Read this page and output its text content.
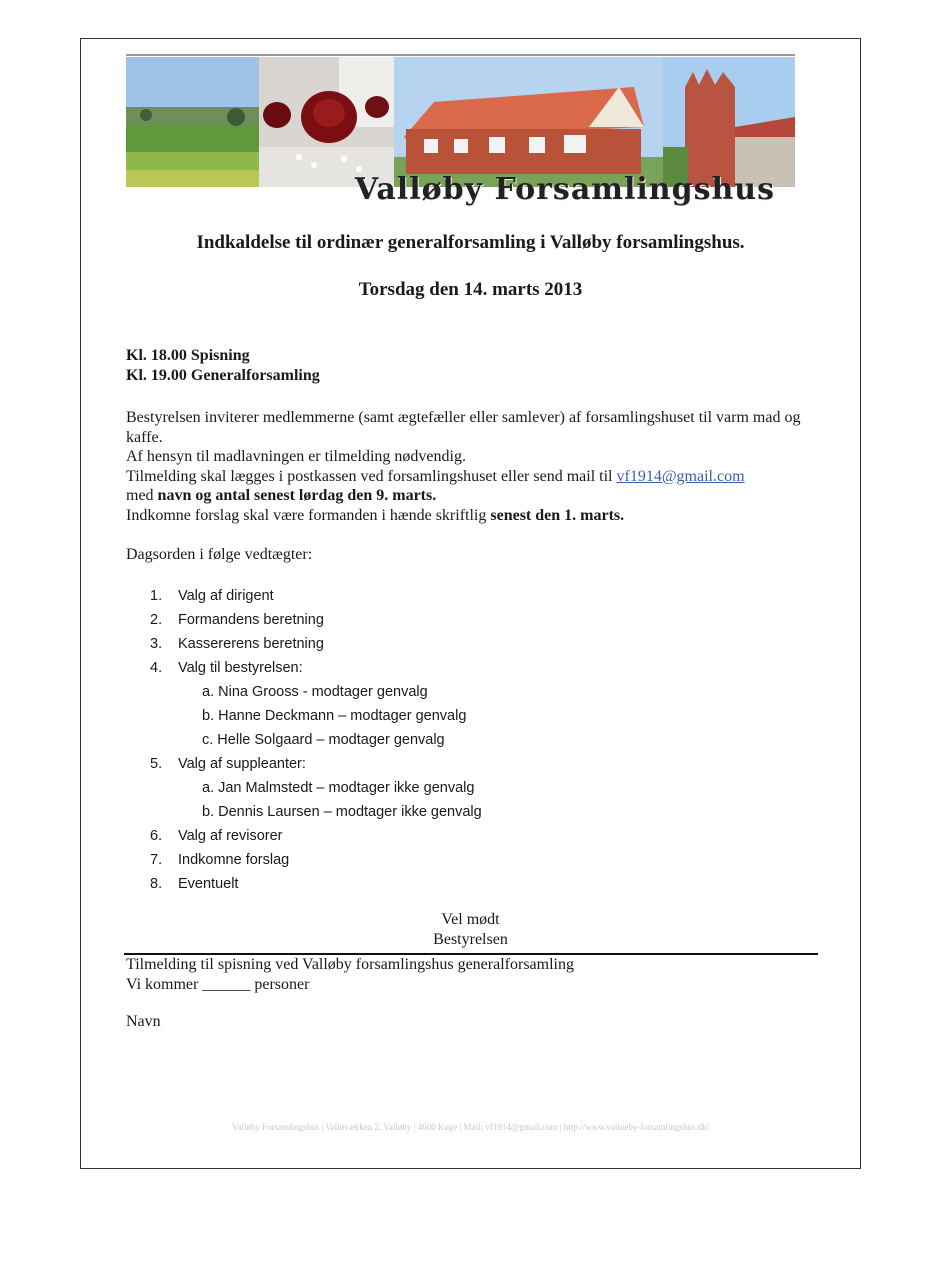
Valløby Forsamlingshus
Indkaldelse til ordinær generalforsamling i Valløby forsamlingshus.
Torsdag den 14. marts 2013
Kl. 18.00 Spisning
Kl. 19.00 Generalforsamling
Bestyrelsen inviterer medlemmerne (samt ægtefæller eller samlever) af forsamlingshuset til varm mad og kaffe.
Af hensyn til madlavningen er tilmelding nødvendig.
Tilmelding skal lægges i postkassen ved forsamlingshuset eller send mail til vf1914@gmail.com
med navn og antal senest lørdag den 9. marts.
Indkomne forslag skal være formanden i hænde skriftlig senest den 1. marts.
Dagsorden i følge vedtægter:
1.	Valg af dirigent
2.	Formandens beretning
3.	Kassererens beretning
4.	Valg til bestyrelsen:
a. Nina Grooss - modtager genvalg
b. Hanne Deckmann – modtager genvalg
c. Helle Solgaard – modtager genvalg
5.	Valg af suppleanter:
a. Jan Malmstedt – modtager ikke genvalg
b. Dennis Laursen – modtager ikke genvalg
6.	Valg af revisorer
7.	Indkomne forslag
8.	Eventuelt
Vel mødt
Bestyrelsen
Tilmelding til spisning ved Valløby forsamlingshus generalforsamling
Vi kommer ______ personer
Navn
Valløby Forsamlingshus | Valløvækken 2, Valløby | 4600 Køge | Mail: vf1914@gmail.com | http://www.valloeby-forsamlingshus.dk/
